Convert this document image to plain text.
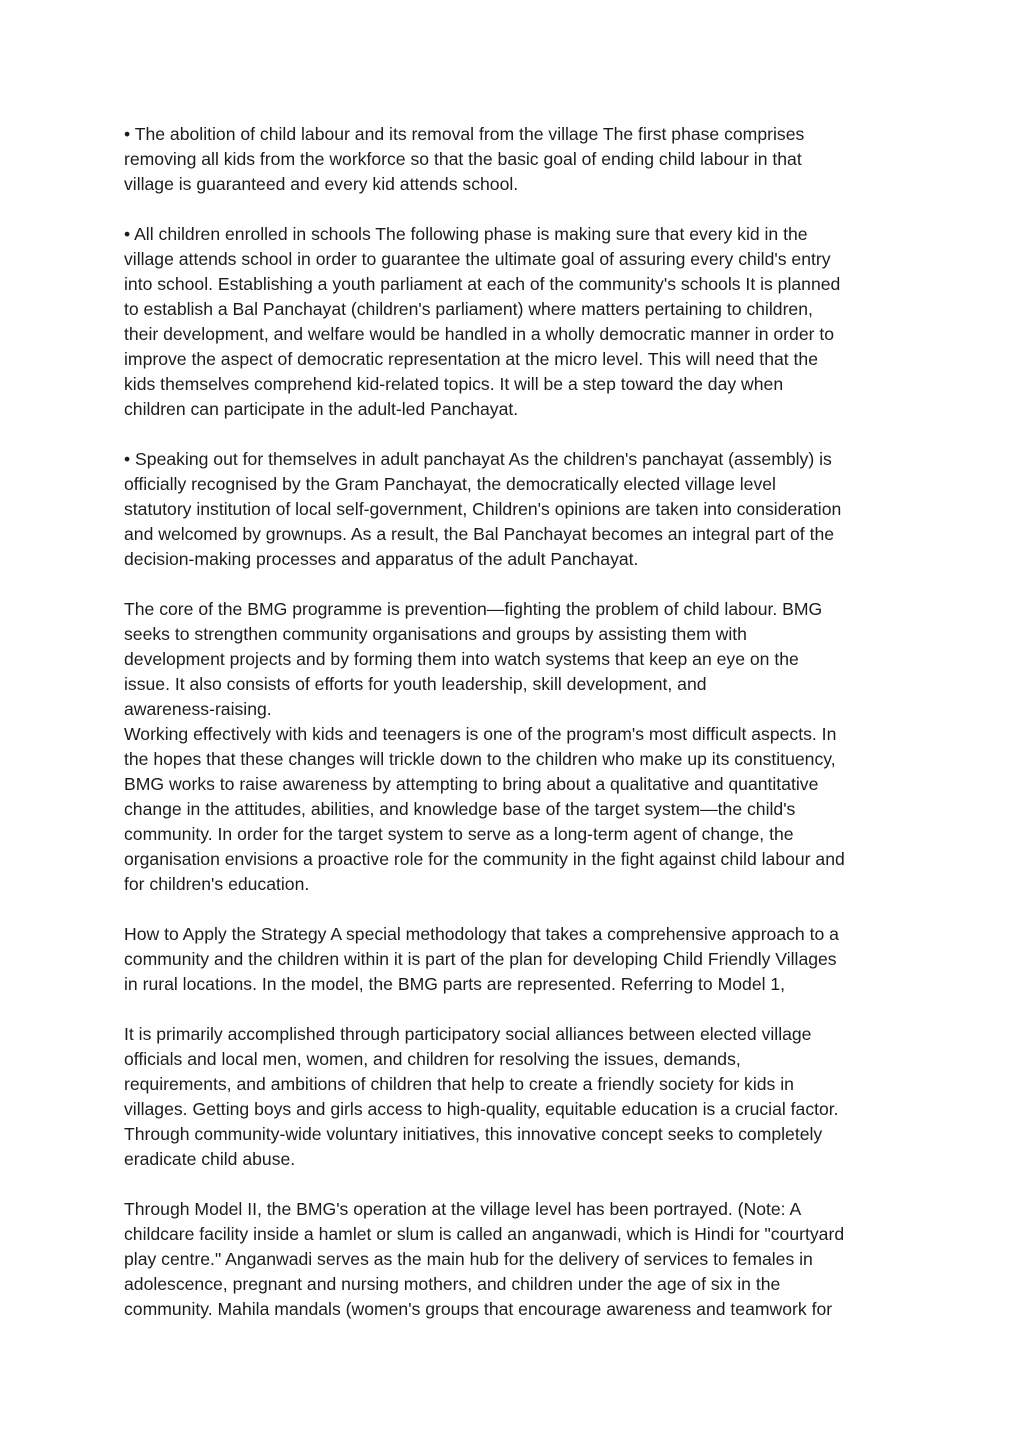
• The abolition of child labour and its removal from the village The first phase comprises
removing all kids from the workforce so that the basic goal of ending child labour in that
village is guaranteed and every kid attends school.

• All children enrolled in schools The following phase is making sure that every kid in the
village attends school in order to guarantee the ultimate goal of assuring every child's entry
into school. Establishing a youth parliament at each of the community's schools It is planned
to establish a Bal Panchayat (children's parliament) where matters pertaining to children,
their development, and welfare would be handled in a wholly democratic manner in order to
improve the aspect of democratic representation at the micro level. This will need that the
kids themselves comprehend kid-related topics. It will be a step toward the day when
children can participate in the adult-led Panchayat.

• Speaking out for themselves in adult panchayat As the children's panchayat (assembly) is
officially recognised by the Gram Panchayat, the democratically elected village level
statutory institution of local self-government, Children's opinions are taken into consideration
and welcomed by grownups. As a result, the Bal Panchayat becomes an integral part of the
decision-making processes and apparatus of the adult Panchayat.

The core of the BMG programme is prevention—fighting the problem of child labour. BMG
seeks to strengthen community organisations and groups by assisting them with
development projects and by forming them into watch systems that keep an eye on the
issue. It also consists of efforts for youth leadership, skill development, and
awareness-raising.

Working effectively with kids and teenagers is one of the program's most difficult aspects. In
the hopes that these changes will trickle down to the children who make up its constituency,
BMG works to raise awareness by attempting to bring about a qualitative and quantitative
change in the attitudes, abilities, and knowledge base of the target system—the child's
community. In order for the target system to serve as a long-term agent of change, the
organisation envisions a proactive role for the community in the fight against child labour and
for children's education.

How to Apply the Strategy A special methodology that takes a comprehensive approach to a
community and the children within it is part of the plan for developing Child Friendly Villages
in rural locations. In the model, the BMG parts are represented. Referring to Model 1,

It is primarily accomplished through participatory social alliances between elected village
officials and local men, women, and children for resolving the issues, demands,
requirements, and ambitions of children that help to create a friendly society for kids in
villages. Getting boys and girls access to high-quality, equitable education is a crucial factor.
Through community-wide voluntary initiatives, this innovative concept seeks to completely
eradicate child abuse.

Through Model II, the BMG's operation at the village level has been portrayed. (Note: A
childcare facility inside a hamlet or slum is called an anganwadi, which is Hindi for "courtyard
play centre." Anganwadi serves as the main hub for the delivery of services to females in
adolescence, pregnant and nursing mothers, and children under the age of six in the
community. Mahila mandals (women's groups that encourage awareness and teamwork for
